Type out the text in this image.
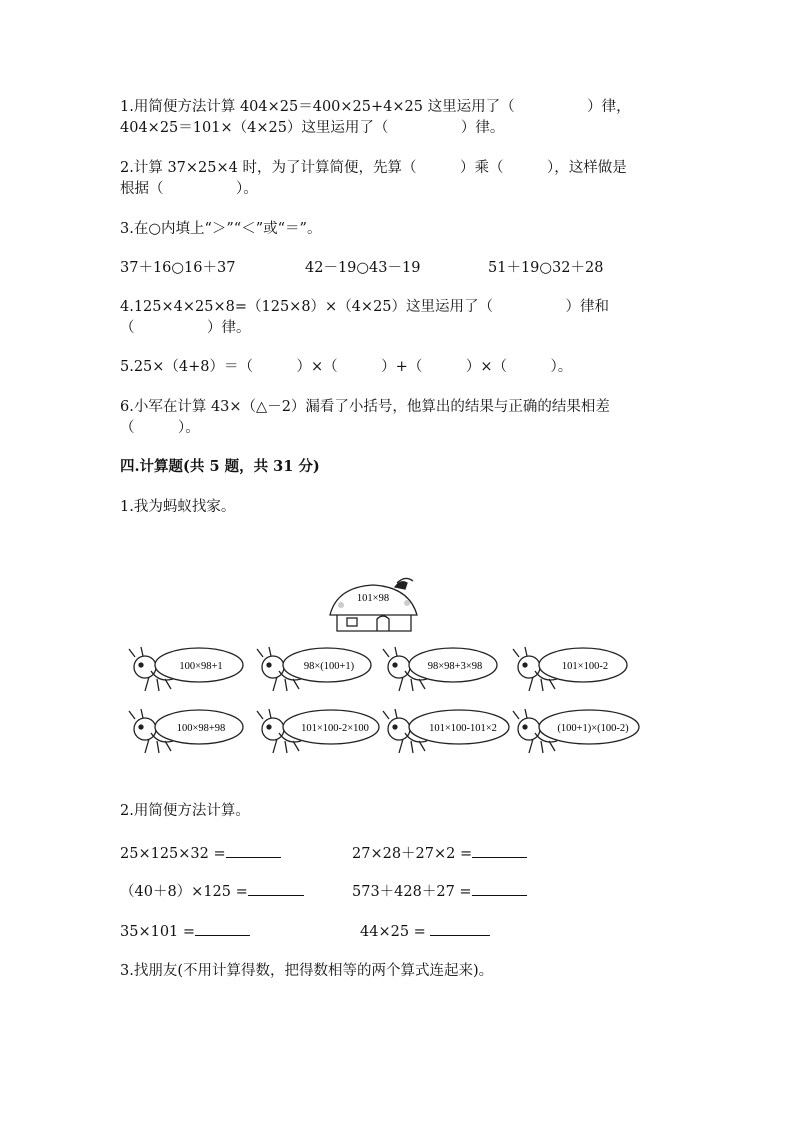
1.用简便方法计算 404×25＝400×25+4×25 这里运用了（　　　　　）律，
404×25＝101×（4×25）这里运用了（　　　　　）律。
2.计算 37×25×4 时，为了计算简便，先算（　　　）乘（　　　），这样做是
根据（　　　　　）。
3.在○内填上“＞”“＜”或“＝”。
37＋16○16＋37	42－19○43－19	51＋19○32＋28
4.125×4×25×8=（125×8）×（4×25）这里运用了（　　　　　）律和
（　　　　　）律。
5.25×（4+8）＝（　　　）×（　　　）+（　　　）×（　　　）。
6.小军在计算 43×（△－2）漏看了小括号，他算出的结果与正确的结果相差
（　　　）。
四.计算题(共 5 题，共 31 分)
1.我为蚂蚁找家。
101×98
100×98+1	98×(100+1)	98×98+3×98	101×100-2
100×98+98	101×100-2×100	101×100-101×2	(100+1)×(100-2)
2.用简便方法计算。
25×125×32 =	27×28＋27×2 =
（40＋8）×125 =	573＋428＋27 =
35×101 =	44×25 =
3.找朋友(不用计算得数，把得数相等的两个算式连起来)。
